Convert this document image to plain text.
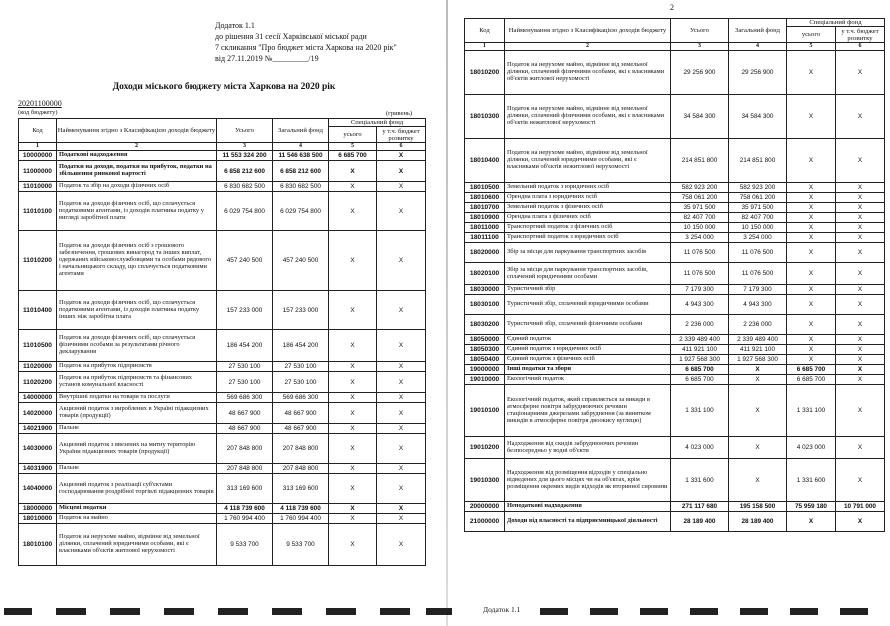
Додаток 1.1
до рішення 31 сесії Харківської міської ради
7 скликання "Про бюджет міста Харкова на 2020 рік"
від 27.11.2019 №_________/19
Доходи міського бюджету міста Харкова на 2020 рік
20201100000
(код бюджету)	(гривень)
Код	Найменування згідно з Класифікацією доходів бюджету	Усього	Загальний фонд	Спеціальний фонд	
				усього	у т.ч. бюджет розвитку
1	2	3	4	5	6
10000000	Податкові надходження	11 553 324 200	11 546 638 500	6 685 700	X
11000000	Податки на доходи, податки на прибуток, податки на збільшення ринкової вартості	6 858 212 600	6 858 212 600	X	X
11010000	Податок та збір на доходи фізичних осіб	6 830 682 500	6 830 682 500	X	X
11010100	Податок на доходи фізичних осіб, що сплачується податковими агентами, із доходів платника податку у вигляді заробітної плати	6 029 754 800	6 029 754 800	X	X
11010200	Податок на доходи фізичних осіб з грошового забезпечення, грошових винагород та інших виплат, одержаних військовослужбовцями та особами рядового і начальницького складу, що сплачується податковими агентами	457 240 500	457 240 500	X	X
11010400	Податок на доходи фізичних осіб, що сплачується податковими агентами, із доходів платника податку інших ніж заробітна плата	157 233 000	157 233 000	X	X
11010500	Податок на доходи фізичних осіб, що сплачується фізичними особами за результатами річного декларування	186 454 200	186 454 200	X	X
11020000	Податок на прибуток підприємств	27 530 100	27 530 100	X	X
11020200	Податок на прибуток підприємств та фінансових установ комунальної власності	27 530 100	27 530 100	X	X
14000000	Внутрішні податки на товари та послуги	569 686 300	569 686 300	X	X
14020000	Акцизний податок з вироблених в Україні підакцизних товарів (продукції)	48 667 900	48 667 900	X	X
14021900	Пальне	48 667 900	48 667 900	X	X
14030000	Акцизний податок з ввезених на митну територію України підакцизних товарів (продукції)	207 848 800	207 848 800	X	X
14031900	Пальне	207 848 800	207 848 800	X	X
14040000	Акцизний податок з реалізації суб'єктами господарювання роздрібної торгівлі підакцизних товарів	313 169 600	313 169 600	X	X
18000000	Місцеві податки	4 118 739 600	4 118 739 600	X	X
18010000	Податок на майно	1 760 994 400	1 760 994 400	X	X
18010100	Податок на нерухоме майно, відмінне від земельної ділянки, сплачений юридичними особами, які є власниками об'єктів житлової нерухомості	9 533 700	9 533 700	X	X
2
Код	Найменування згідно з Класифікацією доходів бюджету	Усього	Загальний фонд	Спеціальний фонд	
				усього	у т.ч. бюджет розвитку
1	2	3	4	5	6
18010200	Податок на нерухоме майно, відмінне від земельної ділянки, сплачений фізичними особами, які є власниками об'єктів житлової нерухомості	29 256 900	29 256 900	X	X
18010300	Податок на нерухоме майно, відмінне від земельної ділянки, сплачений фізичними особами, які є власниками об'єктів нежитлової нерухомості	34 584 300	34 584 300	X	X
18010400	Податок на нерухоме майно, відмінне від земельної ділянки, сплачений юридичними особами, які є власниками об'єктів нежитлової нерухомості	214 851 800	214 851 800	X	X
18010500	Земельний податок з юридичних осіб	582 923 200	582 923 200	X	X
18010600	Орендна плата з юридичних осіб	758 061 200	758 061 200	X	X
18010700	Земельний податок з фізичних осіб	35 971 500	35 971 500	X	X
18010900	Орендна плата з фізичних осіб	82 407 700	82 407 700	X	X
18011000	Транспортний податок з фізичних осіб	10 150 000	10 150 000	X	X
18011100	Транспортний податок з юридичних осіб	3 254 000	3 254 000	X	X
18020000	Збір за місця для паркування транспортних засобів	11 076 500	11 076 500	X	X
18020100	Збір за місця для паркування транспортних засобів, сплачений юридичними особами	11 076 500	11 076 500	X	X
18030000	Туристичний збір	7 179 300	7 179 300	X	X
18030100	Туристичний збір, сплачений юридичними особами	4 943 300	4 943 300	X	X
18030200	Туристичний збір, сплачений фізичними особами	2 236 000	2 236 000	X	X
18050000	Єдиний податок	2 339 489 400	2 339 489 400	X	X
18050300	Єдиний податок з юридичних осіб	411 921 100	411 921 100	X	X
18050400	Єдиний податок з фізичних осіб	1 927 568 300	1 927 568 300	X	X
19000000	Інші податки та збори	6 685 700	X	6 685 700	X
19010000	Екологічний податок	6 685 700	X	6 685 700	X
19010100	Екологічний податок, який справляється за викиди в атмосферне повітря забруднюючих речовин стаціонарними джерелами забруднення (за винятком викидів в атмосферне повітря двоокису вуглецю)	1 331 100	X	1 331 100	X
19010200	Надходження від скидів забруднюючих речовин безпосередньо у водні об'єкти	4 023 000	X	4 023 000	X
19010300	Надходження від розміщення відходів у спеціально відведених для цього місцях чи на об'єктах, крім розміщення окремих видів відходів як вторинної сировини	1 331 600	X	1 331 600	X
20000000	Неподаткові надходження	271 117 680	195 158 500	75 959 180	10 791 000
21000000	Доходи від власності та підприємницької діяльності	28 189 400	28 189 400	X	X
Додаток 1.1
